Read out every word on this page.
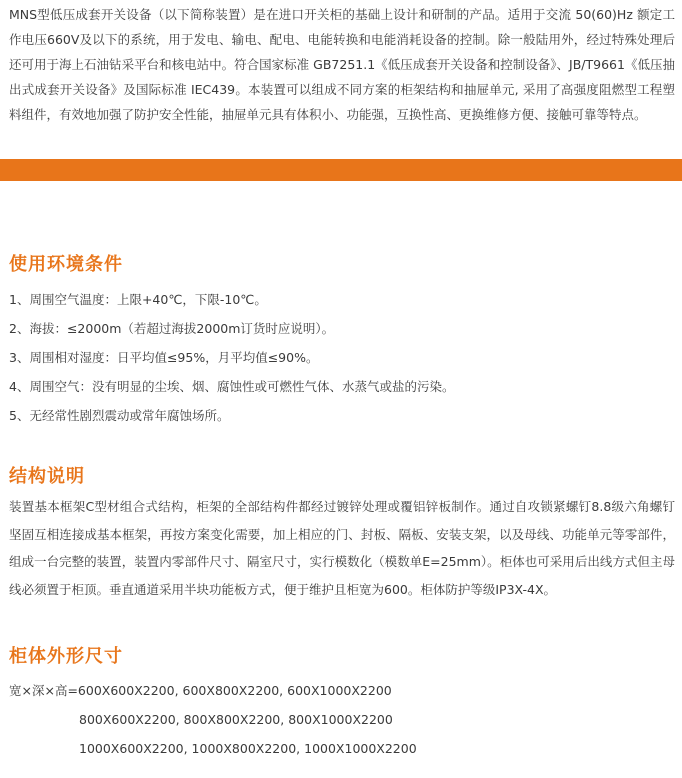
MNS型低压成套开关设备（以下简称装置）是在进口开关柜的基础上设计和研制的产品。适用于交流 50(60)Hz 额定工作电压660V及以下的系统，用于发电、输电、配电、电能转换和电能消耗设备的控制。除一般陆用外，经过特殊处理后还可用于海上石油钻采平台和核电站中。符合国家标准 GB7251.1《低压成套开关设备和控制设备》、JB/T9661《低压抽出式成套开关设备》及国际标准 IEC439。本装置可以组成不同方案的柜架结构和抽屉单元, 采用了高强度阻燃型工程塑料组件，有效地加强了防护安全性能，抽屉单元具有体积小、功能强，互换性高、更换维修方便、接触可靠等特点。

使用环境条件
1、周围空气温度：上限+40℃，下限-10℃。
2、海拔：≤2000m（若超过海拔2000m订货时应说明）。
3、周围相对湿度：日平均值≤95%，月平均值≤90%。
4、周围空气：没有明显的尘埃、烟、腐蚀性或可燃性气体、水蒸气或盐的污染。
5、无经常性剧烈震动或常年腐蚀场所。
结构说明

装置基本框架C型材组合式结构，柜架的全部结构件都经过镀锌处理或覆铝锌板制作。通过自攻锁紧螺钉8.8级六角螺钉坚固互相连接成基本框架，再按方案变化需要，加上相应的门、封板、隔板、安装支架，以及母线、功能单元等零部件，组成一台完整的装置，装置内零部件尺寸、隔室尺寸，实行模数化（模数单E=25mm）。柜体也可采用后出线方式但主母线必须置于柜顶。垂直通道采用半块功能板方式，便于维护且柜宽为600。柜体防护等级IP3X-4X。

柜体外形尺寸
宽×深×高=600X600X2200, 600X800X2200, 600X1000X2200
800X600X2200, 800X800X2200, 800X1000X2200
1000X600X2200, 1000X800X2200, 1000X1000X2200
